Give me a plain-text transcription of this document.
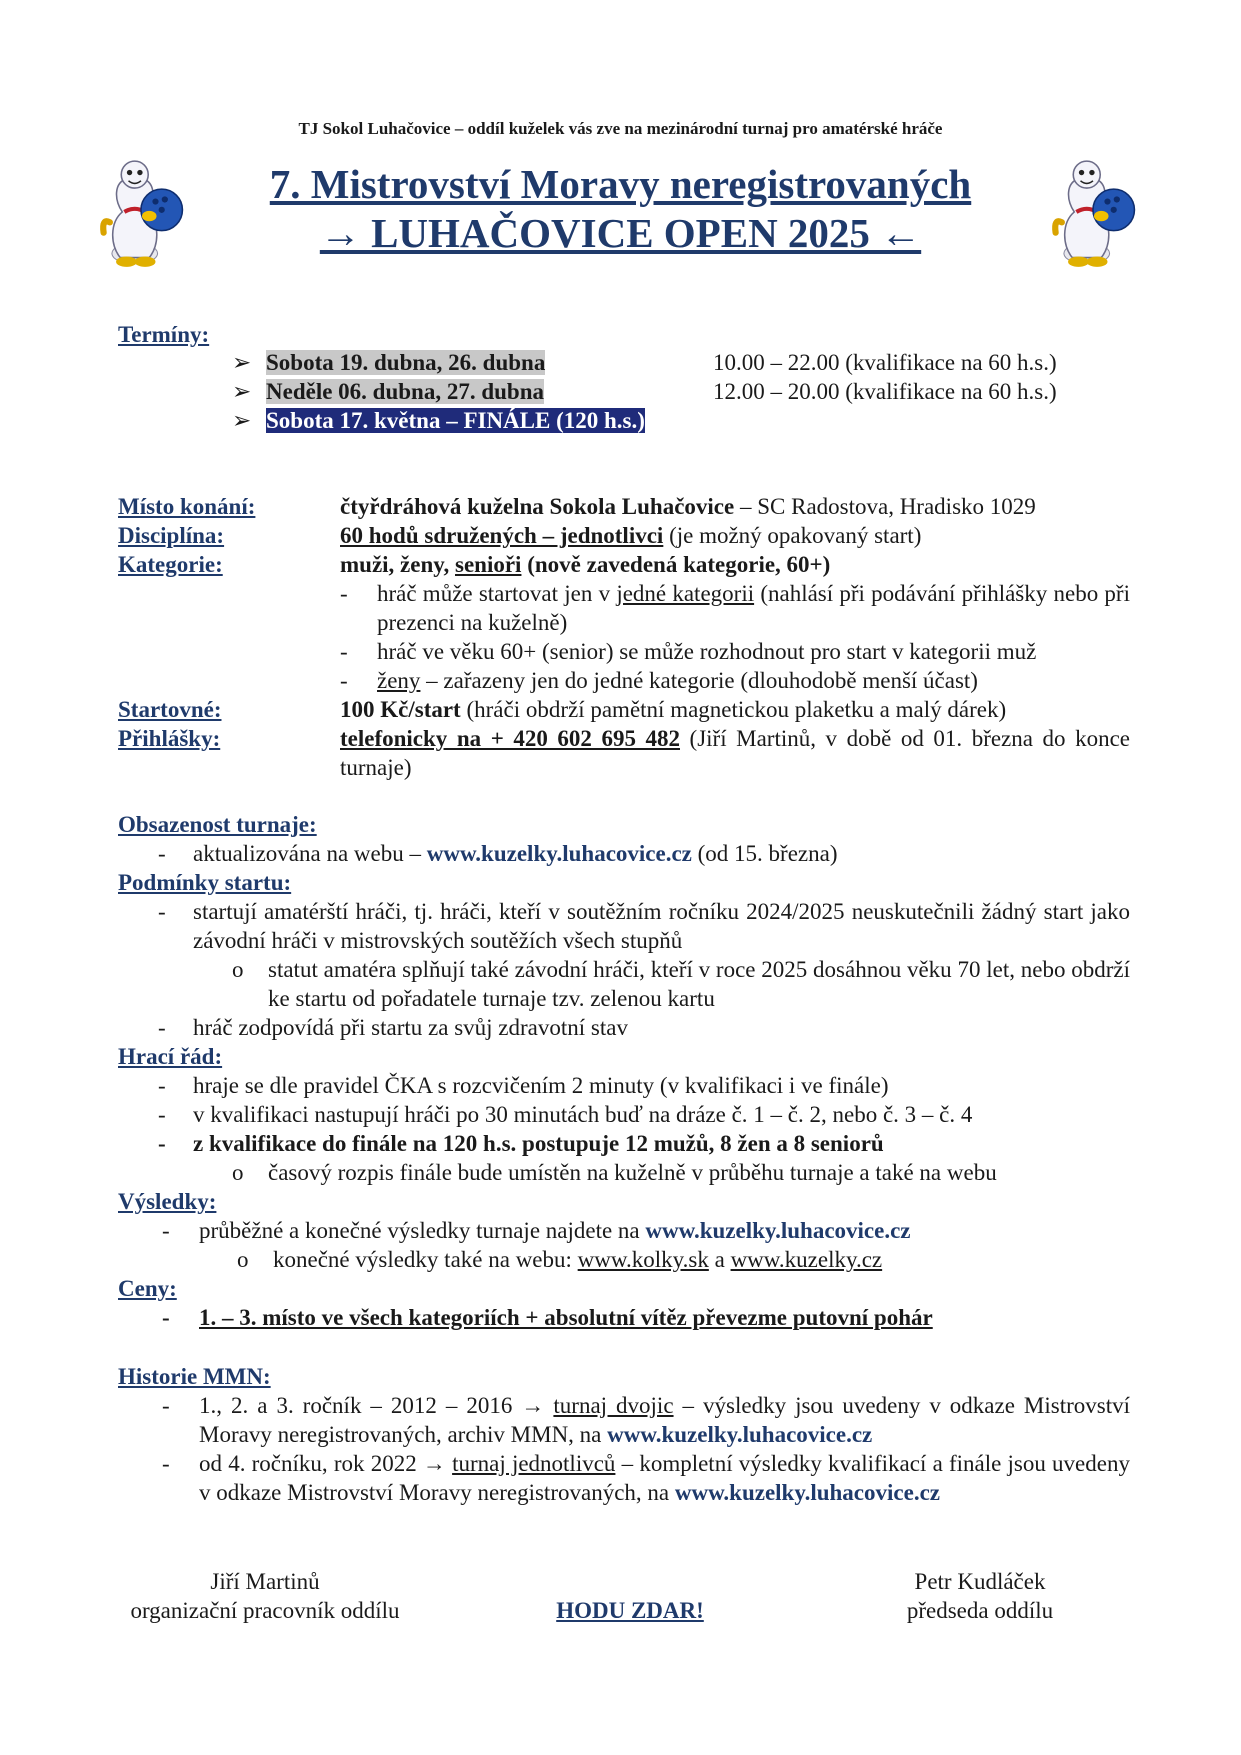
TJ Sokol Luhačovice – oddíl kuželek vás zve na mezinárodní turnaj pro amatérské hráče
7. Mistrovství Moravy neregistrovaných
→ LUHAČOVICE OPEN 2025 ←
Termíny:
➢ Sobota 19. dubna, 26. dubna	10.00 – 22.00 (kvalifikace na 60 h.s.)
➢ Neděle 06. dubna, 27. dubna	12.00 – 20.00 (kvalifikace na 60 h.s.)
➢ Sobota 17. května – FINÁLE (120 h.s.)
Místo konání:	čtyřdráhová kuželna Sokola Luhačovice – SC Radostova, Hradisko 1029
Disciplína:	60 hodů sdružených – jednotlivci (je možný opakovaný start)
Kategorie:	muži, ženy, senioři (nově zavedená kategorie, 60+)
-	hráč může startovat jen v jedné kategorii (nahlásí při podávání přihlášky nebo při prezenci na kuželně)
-	hráč ve věku 60+ (senior) se může rozhodnout pro start v kategorii muž
-	ženy – zařazeny jen do jedné kategorie (dlouhodobě menší účast)
Startovné:	100 Kč/start (hráči obdrží pamětní magnetickou plaketku a malý dárek)
Přihlášky:	telefonicky na + 420 602 695 482 (Jiří Martinů, v době od 01. března do konce turnaje)
Obsazenost turnaje:
-	aktualizována na webu – www.kuzelky.luhacovice.cz (od 15. března)
Podmínky startu:
-	startují amatérští hráči, tj. hráči, kteří v soutěžním ročníku 2024/2025 neuskutečnili žádný start jako závodní hráči v mistrovských soutěžích všech stupňů
o	statut amatéra splňují také závodní hráči, kteří v roce 2025 dosáhnou věku 70 let, nebo obdrží ke startu od pořadatele turnaje tzv. zelenou kartu
-	hráč zodpovídá při startu za svůj zdravotní stav
Hrací řád:
-	hraje se dle pravidel ČKA s rozcvičením 2 minuty (v kvalifikaci i ve finále)
-	v kvalifikaci nastupují hráči po 30 minutách buď na dráze č. 1 – č. 2, nebo č. 3 – č. 4
-	z kvalifikace do finále na 120 h.s. postupuje 12 mužů, 8 žen a 8 seniorů
o	časový rozpis finále bude umístěn na kuželně v průběhu turnaje a také na webu
Výsledky:
-	průběžné a konečné výsledky turnaje najdete na www.kuzelky.luhacovice.cz
o	konečné výsledky také na webu: www.kolky.sk a www.kuzelky.cz
Ceny:
-	1. – 3. místo ve všech kategoriích + absolutní vítěz převezme putovní pohár
Historie MMN:
-	1., 2. a 3. ročník – 2012 – 2016 → turnaj dvojic – výsledky jsou uvedeny v odkaze Mistrovství Moravy neregistrovaných, archiv MMN, na www.kuzelky.luhacovice.cz
-	od 4. ročníku, rok 2022 → turnaj jednotlivců – kompletní výsledky kvalifikací a finále jsou uvedeny v odkaze Mistrovství Moravy neregistrovaných, na www.kuzelky.luhacovice.cz
Jiří Martinů
organizační pracovník oddílu	HODU ZDAR!
Petr Kudláček
předseda oddílu
